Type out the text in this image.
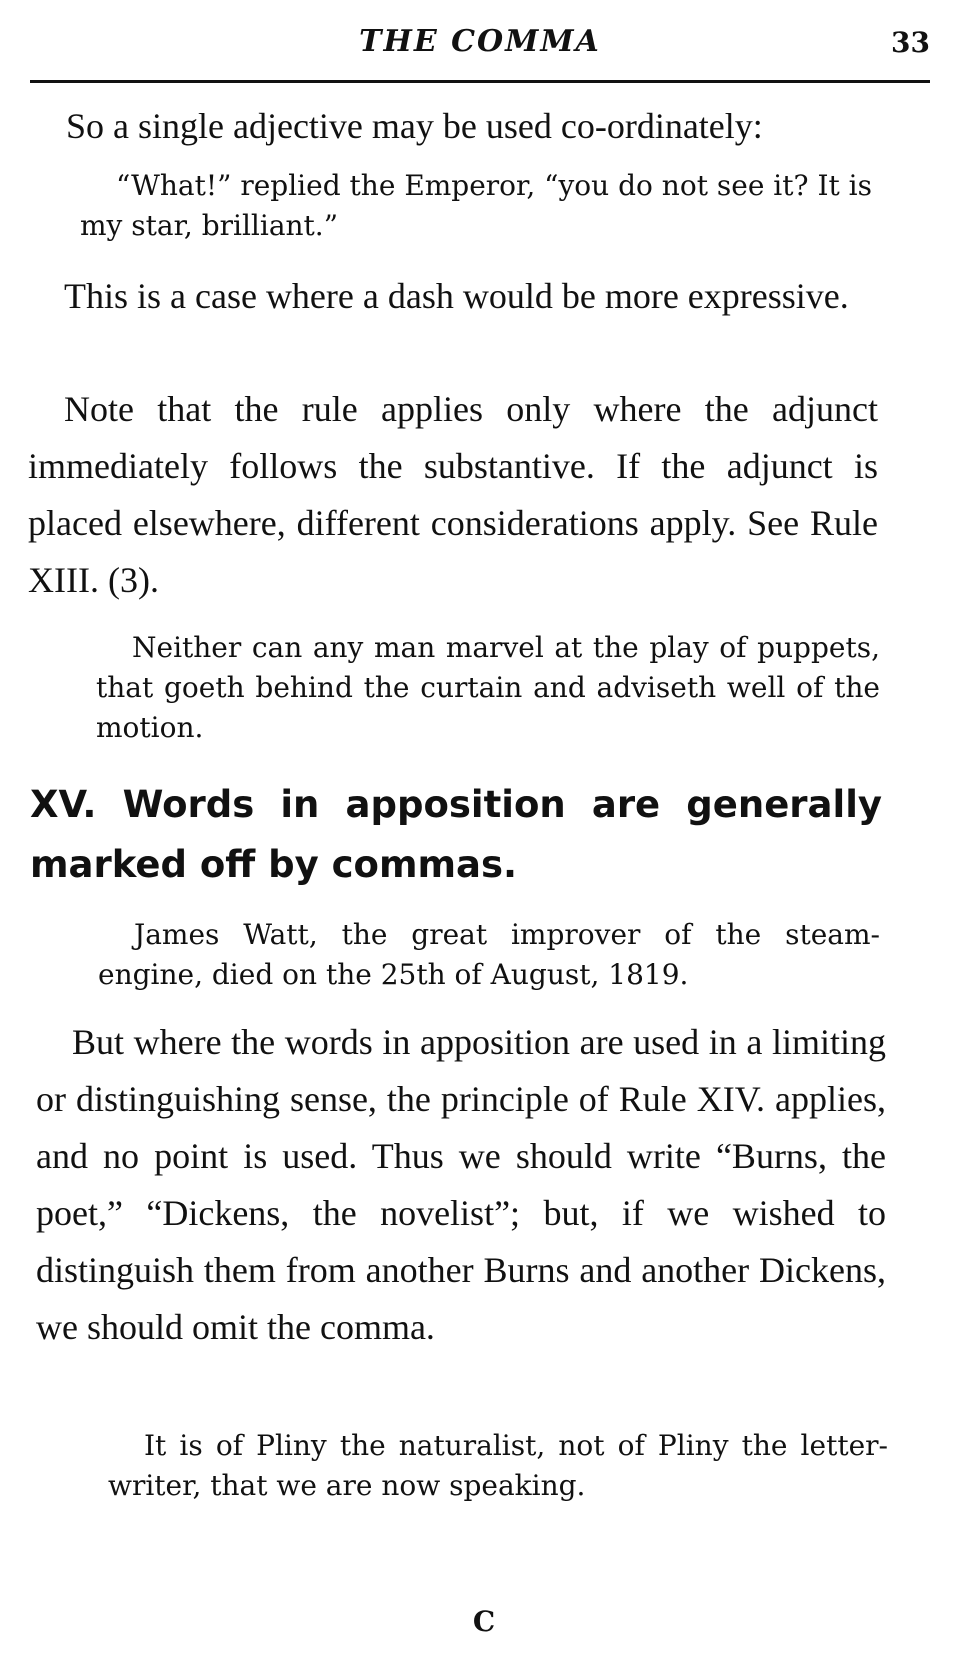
THE COMMA	33
So a single adjective may be used co-ordinately:
“What!” replied the Emperor, “you do not see it? It is my star, brilliant.”
This is a case where a dash would be more expressive.
Note that the rule applies only where the adjunct immediately follows the substantive. If the adjunct is placed elsewhere, different considerations apply. See Rule XIII. (3).
Neither can any man marvel at the play of puppets, that goeth behind the curtain and adviseth well of the motion.
XV. Words in apposition are generally marked off by commas.
James Watt, the great improver of the steam-engine, died on the 25th of August, 1819.
But where the words in apposition are used in a limiting or distinguishing sense, the principle of Rule XIV. applies, and no point is used. Thus we should write “Burns, the poet,” “Dickens, the novelist”; but, if we wished to distinguish them from another Burns and another Dickens, we should omit the comma.
It is of Pliny the naturalist, not of Pliny the letter-writer, that we are now speaking.
C
